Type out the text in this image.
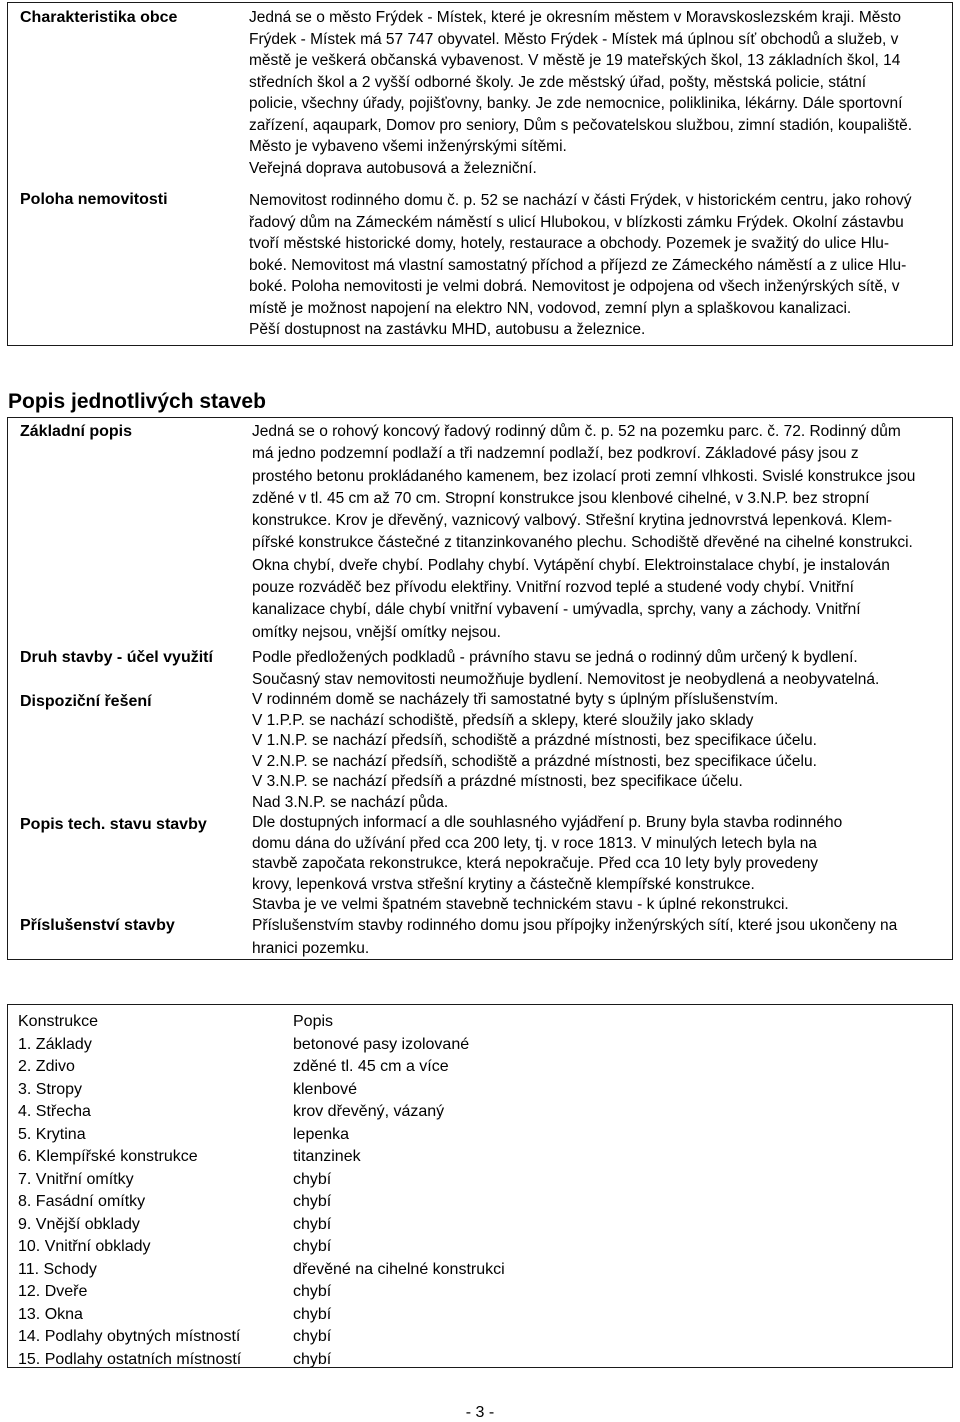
Charakteristika obce	Jedná se o město Frýdek - Místek, které je okresním městem v Moravskoslezském kraji. Město

Frýdek - Místek má 57 747 obyvatel. Město Frýdek - Místek má úplnou síť obchodů a služeb, v

městě je veškerá občanská vybavenost. V městě je 19 mateřských škol, 13 základních škol, 14

středních škol a 2 vyšší odborné školy. Je zde městský úřad, pošty, městská policie, státní

policie, všechny úřady, pojišťovny, banky. Je zde nemocnice, poliklinika, lékárny. Dále sportovní

zařízení, aqaupark, Domov pro seniory, Dům s pečovatelskou službou, zimní stadión, koupaliště.

Město je vybaveno všemi inženýrskými sítěmi.

Veřejná doprava autobusová a železniční.

Poloha nemovitosti	Nemovitost rodinného domu č. p. 52 se nachází v části Frýdek, v historickém centru, jako rohový

řadový dům na Zámeckém náměstí s ulicí Hlubokou, v blízkosti zámku Frýdek. Okolní zástavbu

tvoří městské historické domy, hotely, restaurace a obchody. Pozemek je svažitý do ulice Hlu-

boké. Nemovitost má vlastní samostatný příchod a příjezd ze Zámeckého náměstí a z ulice Hlu-

boké. Poloha nemovitosti je velmi dobrá. Nemovitost je odpojena od všech inženýrských sítě, v

místě je možnost napojení na elektro NN, vodovod, zemní plyn a splaškovou kanalizaci.

Pěší dostupnost na zastávku MHD, autobusu a železnice.

Popis jednotlivých staveb
Základní popis	Jedná se o rohový koncový řadový rodinný dům č. p. 52 na pozemku parc. č. 72. Rodinný dům

má jedno podzemní podlaží a tři nadzemní podlaží, bez podkroví. Základové pásy jsou z

prostého betonu prokládaného kamenem, bez izolací proti zemní vlhkosti. Svislé konstrukce jsou

zděné v tl. 45 cm až 70 cm. Stropní konstrukce jsou klenbové cihelné, v 3.N.P. bez stropní

konstrukce. Krov je dřevěný, vaznicový valbový. Střešní krytina jednovrstvá lepenková. Klem-

pířské konstrukce částečné z titanzinkovaného plechu. Schodiště dřevěné na cihelné konstrukci.

Okna chybí, dveře chybí. Podlahy chybí. Vytápění chybí. Elektroinstalace chybí, je instalován

pouze rozváděč bez přívodu elektřiny. Vnitřní rozvod teplé a studené vody chybí. Vnitřní

kanalizace chybí, dále chybí vnitřní vybavení - umývadla, sprchy, vany a záchody. Vnitřní

omítky nejsou, vnější omítky nejsou.

Druh stavby - účel využití	Podle předložených podkladů - právního stavu se jedná o rodinný dům určený k bydlení.

Současný stav nemovitosti neumožňuje bydlení. Nemovitost je neobydlená a neobyvatelná.

Dispoziční řešení	V rodinném domě se nacházely tři samostatné byty s úplným příslušenstvím.

V 1.P.P. se nachází schodiště, předsíň a sklepy, které sloužily jako sklady

V 1.N.P. se nachází předsíň, schodiště a prázdné místnosti, bez specifikace účelu.

V 2.N.P. se nachází předsíň, schodiště a prázdné místnosti, bez specifikace účelu.

V 3.N.P. se nachází předsíň a prázdné místnosti, bez specifikace účelu.

Nad 3.N.P. se nachází půda.

Popis tech. stavu stavby	Dle dostupných informací a dle souhlasného vyjádření p. Bruny byla stavba rodinného

domu dána do užívání před cca 200 lety, tj. v roce 1813. V minulých letech byla na

stavbě započata rekonstrukce, která nepokračuje. Před cca 10 lety byly provedeny

krovy, lepenková vrstva střešní krytiny a částečně klempířské konstrukce.

Stavba je ve velmi špatném stavebně technickém stavu - k úplné rekonstrukci.

Příslušenství stavby	Příslušenstvím stavby rodinného domu jsou přípojky inženýrských sítí, které jsou ukončeny na

hranici pozemku.

Konstrukce	Popis
1. Základy	betonové pasy izolované
2. Zdivo	zděné tl. 45 cm a více
3. Stropy	klenbové
4. Střecha	krov dřevěný, vázaný
5. Krytina	lepenka
6. Klempířské konstrukce	titanzinek
7. Vnitřní omítky	chybí
8. Fasádní omítky	chybí
9. Vnější obklady	chybí
10. Vnitřní obklady	chybí
11. Schody	dřevěné na cihelné konstrukci
12. Dveře	chybí
13. Okna	chybí
14. Podlahy obytných místností	chybí
15. Podlahy ostatních místností	chybí
- 3 -
